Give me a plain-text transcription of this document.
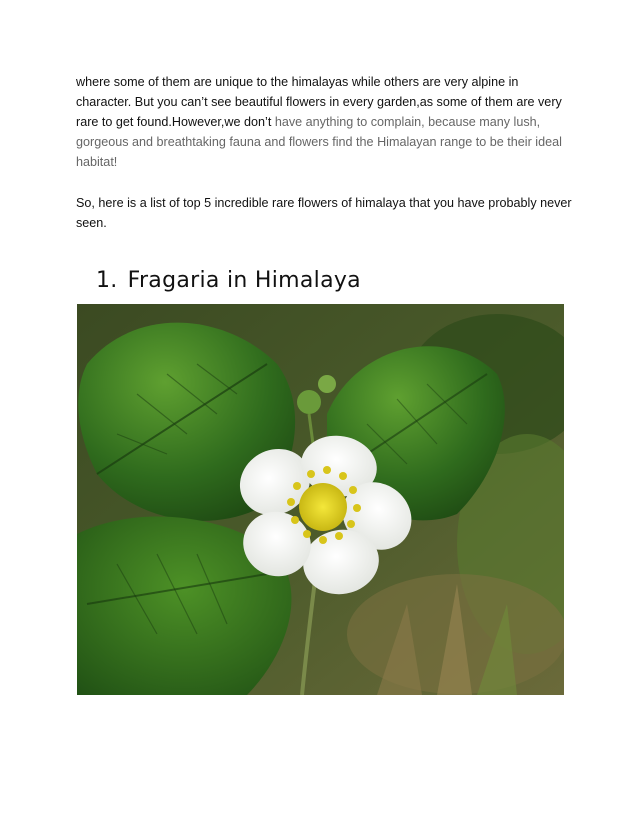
where some of them are unique to the himalayas while others are very alpine in character. But you can’t see beautiful flowers in every garden,as some of them are very rare to get found.However,we don’t have anything to complain, because many lush, gorgeous and breathtaking fauna and flowers find the Himalayan range to be their ideal habitat!

So, here is a list of top 5 incredible rare flowers of himalaya that you have probably never seen.

1. Fragaria in Himalaya
